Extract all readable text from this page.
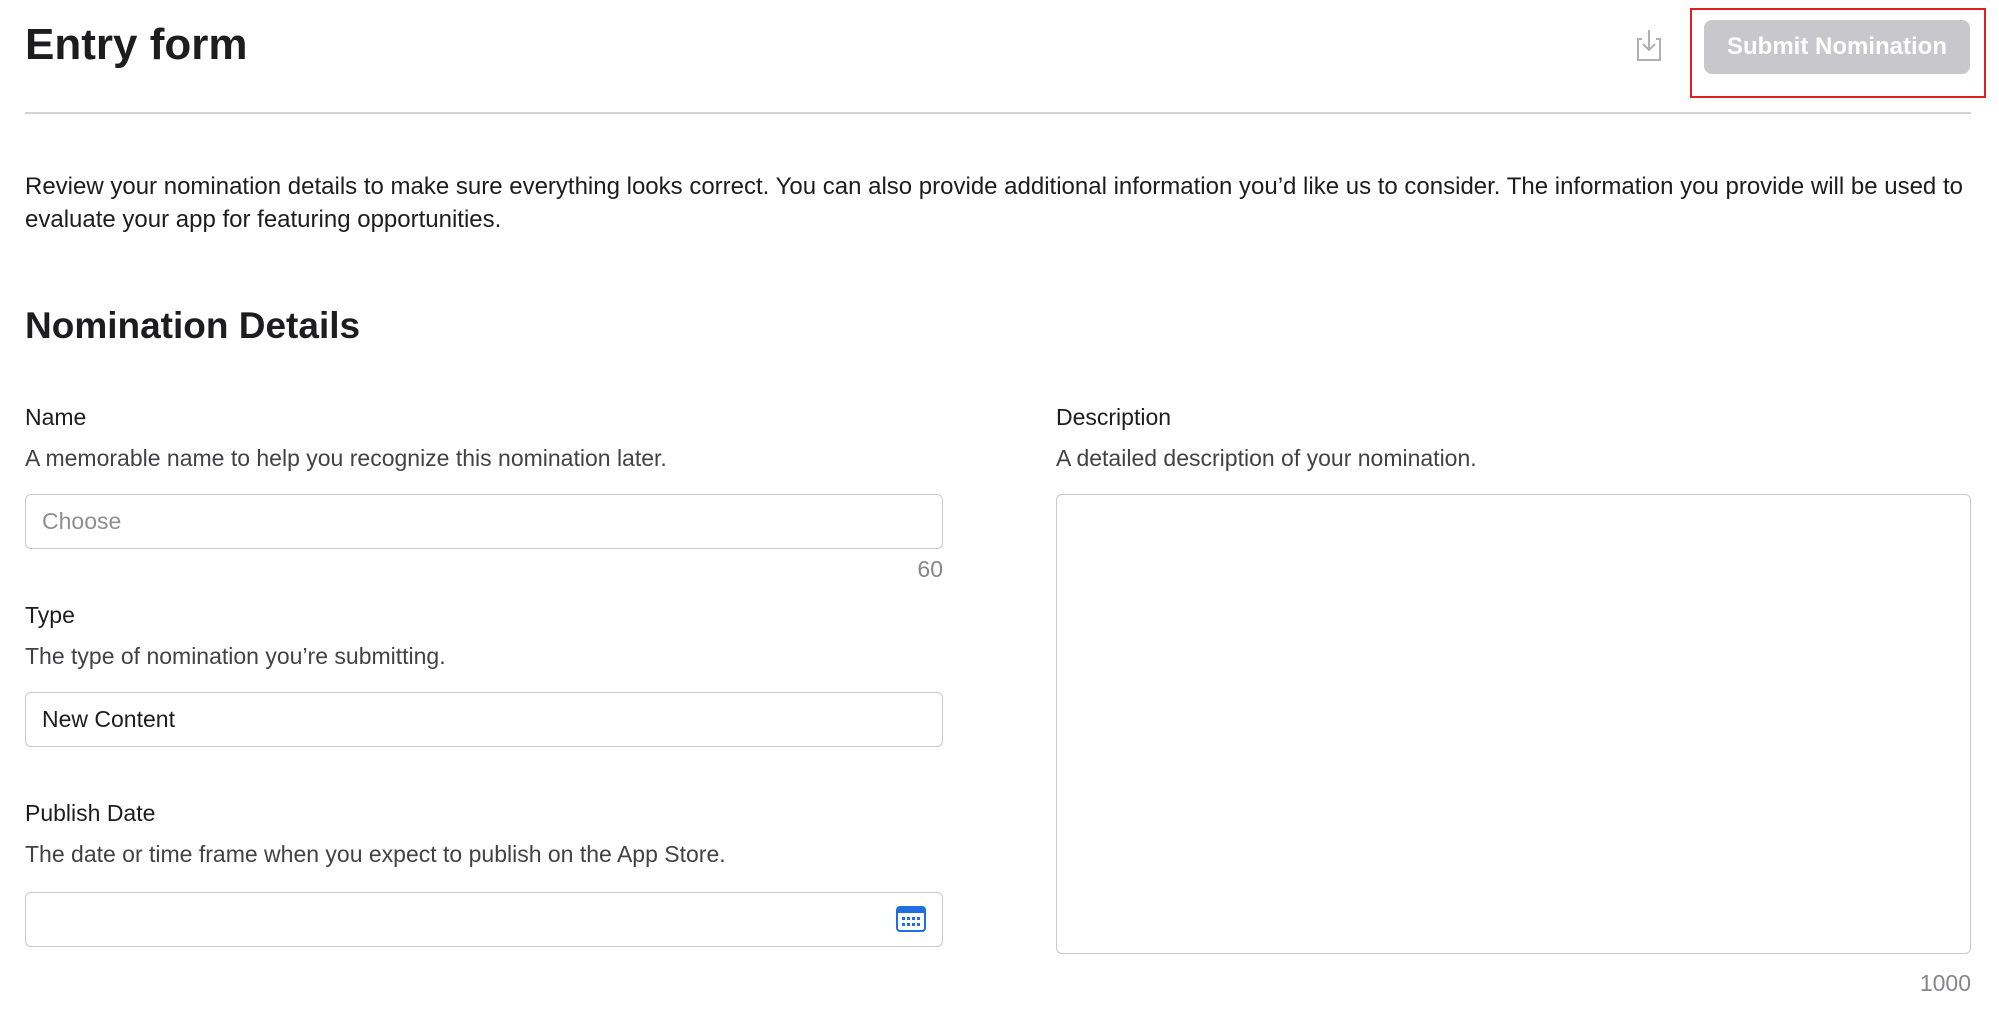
Entry form	Submit Nomination

Review your nomination details to make sure everything looks correct. You can also provide additional information you’d like us to consider. The information you provide will be used to evaluate your app for featuring opportunities.

Nomination Details
Name
A memorable name to help you recognize this nomination later.
Choose
60
Type
The type of nomination you’re submitting.
New Content
Publish Date
The date or time frame when you expect to publish on the App Store.
Description
A detailed description of your nomination.
1000
